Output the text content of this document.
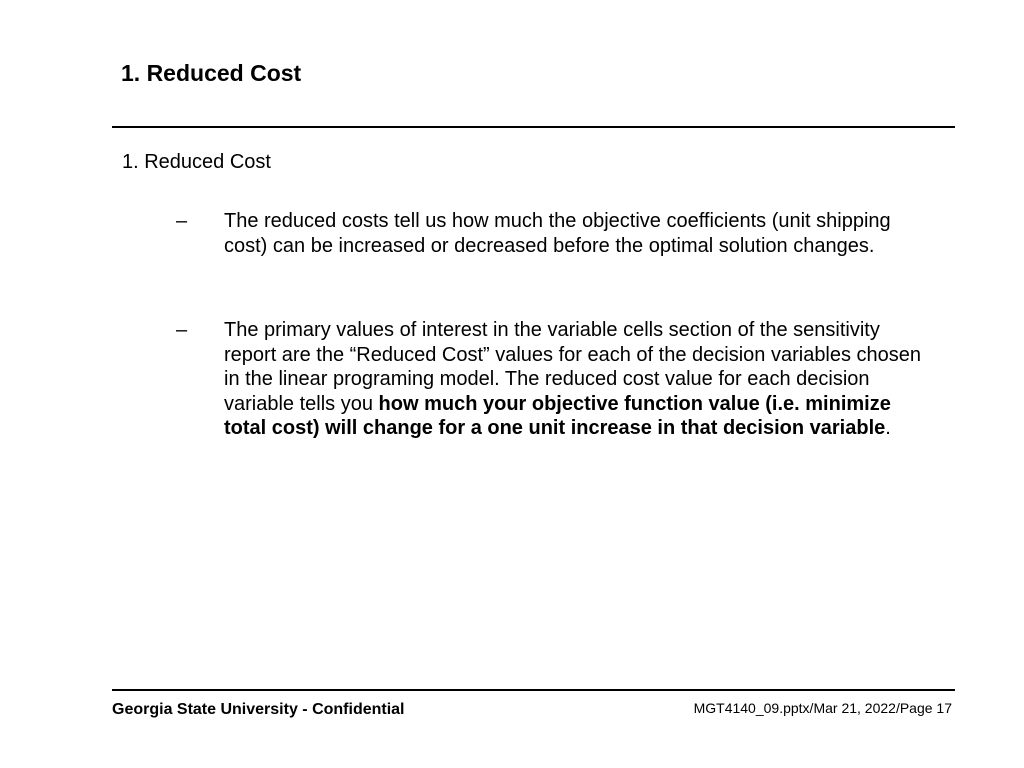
1. Reduced Cost
1. Reduced Cost
– The reduced costs tell us how much the objective coefficients (unit shipping cost) can be increased or decreased before the optimal solution changes.
– The primary values of interest in the variable cells section of the sensitivity report are the “Reduced Cost” values for each of the decision variables chosen in the linear programing model. The reduced cost value for each decision variable tells you how much your objective function value (i.e. minimize total cost) will change for a one unit increase in that decision variable.
Georgia State University - Confidential	MGT4140_09.pptx/Mar 21, 2022/Page 17
